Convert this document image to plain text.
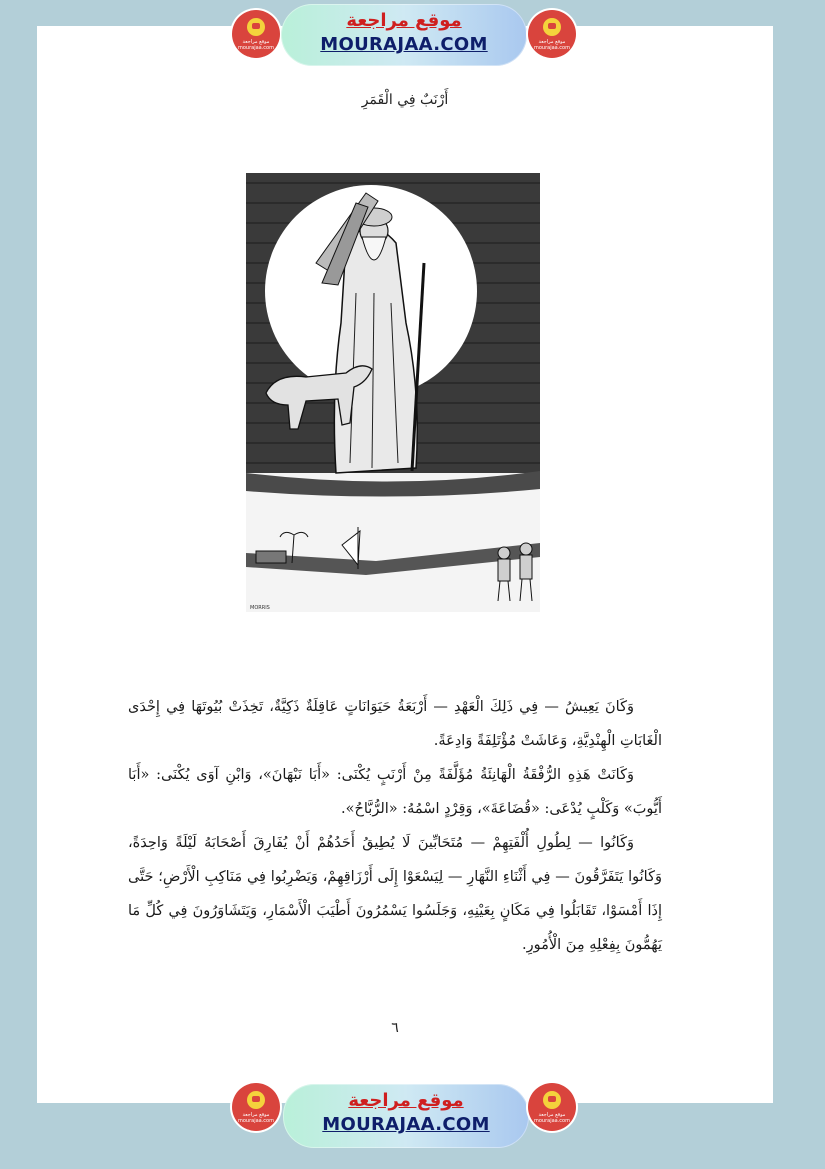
موقع مراجعة
mourajaa.com
موقع مراجعة
MOURAJAA.COM	موقع مراجعة
mourajaa.com
أَرْنَبٌ فِي الْقَمَرِ
MORRIS

وَكَانَ يَعِيشُ — فِي ذَلِكَ الْعَهْدِ — أَرْبَعَةُ حَيَوَانَاتٍ عَاقِلَةٌ ذَكِيَّةٌ، تَخِذَتْ بُيُوتَهَا فِي إِحْدَى الْغَابَاتِ الْهِنْدِيَّةِ، وَعَاشَتْ مُؤْتَلِفَةً وَادِعَةً.

وَكَانَتْ هَذِهِ الرُّفْقَةُ الْهَانِئَةُ مُؤَلَّفَةً مِنْ أَرْنَبٍ يُكْنَى: «أَبَا نَبْهَانَ»، وَابْنِ آوَى يُكْنَى: «أَبَا أَيُّوبَ» وَكَلْبٍ يُدْعَى: «قُضَاعَةَ»، وَقِرْدٍ اسْمُهُ: «الرُّبَّاحُ».

وَكَانُوا — لِطُولِ أُلْفَتِهِمْ — مُتَحَابِّينَ لَا يُطِيقُ أَحَدُهُمْ أَنْ يُفَارِقَ أَصْحَابَهُ لَيْلَةً وَاحِدَةً، وَكَانُوا يَتَفَرَّقُونَ — فِي أَثْنَاءِ النَّهَارِ — لِيَسْعَوْا إِلَى أَرْزَاقِهِمْ، وَيَضْرِبُوا فِي مَنَاكِبِ الْأَرْضِ؛ حَتَّى إِذَا أَمْسَوْا، تَقَابَلُوا فِي مَكَانٍ بِعَيْنِهِ، وَجَلَسُوا يَسْمُرُونَ أَطْيَبَ الْأَسْمَارِ، وَيَتَشَاوَرُونَ فِي كُلِّ مَا يَهُمُّونَ بِفِعْلِهِ مِنَ الْأُمُورِ.

٦
موقع مراجعة
mourajaa.com
موقع مراجعة
MOURAJAA.COM	موقع مراجعة
mourajaa.com
